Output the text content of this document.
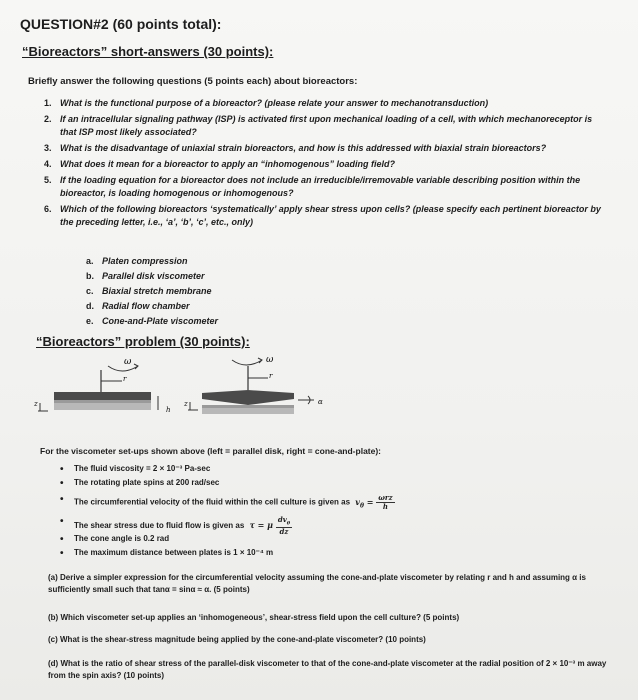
QUESTION#2 (60 points total):
“Bioreactors” short-answers (30 points):
Briefly answer the following questions (5 points each) about bioreactors:
1. What is the functional purpose of a bioreactor? (please relate your answer to mechanotransduction)
2. If an intracellular signaling pathway (ISP) is activated first upon mechanical loading of a cell, with which mechanoreceptor is that ISP most likely associated?
3. What is the disadvantage of uniaxial strain bioreactors, and how is this addressed with biaxial strain bioreactors?
4. What does it mean for a bioreactor to apply an “inhomogenous” loading field?
5. If the loading equation for a bioreactor does not include an irreducible/irremovable variable describing position within the bioreactor, is loading homogenous or inhomogenous?
6. Which of the following bioreactors ‘systematically’ apply shear stress upon cells? (please specify each pertinent bioreactor by the preceding letter, i.e., ‘a’, ‘b’, ‘c’, etc., only)
a. Platen compression
b. Parallel disk viscometer
c. Biaxial stretch membrane
d. Radial flow chamber
e. Cone-and-Plate viscometer
“Bioreactors” problem (30 points):
ω
r
z
h
ω
r
z	α
For the viscometer set-ups shown above (left = parallel disk, right = cone-and-plate):
• The fluid viscosity = 2 × 10⁻³ Pa-sec
• The rotating plate spins at 200 rad/sec
• The circumferential velocity of the fluid within the cell culture is given as $v_\theta = \omega rz$
h
• The shear stress due to fluid flow is given as τ = μ
$dv_\theta$
dz
• The cone angle is 0.2 rad
• The maximum distance between plates is 1 × 10⁻⁴ m
(a) Derive a simpler expression for the circumferential velocity assuming the cone-and-plate viscometer by relating r and h and assuming α is sufficiently small such that tanα = sinα ≈ α. (5 points)
(b) Which viscometer set-up applies an ‘inhomogeneous’, shear-stress field upon the cell culture? (5 points)
(c) What is the shear-stress magnitude being applied by the cone-and-plate viscometer? (10 points)
(d) What is the ratio of shear stress of the parallel-disk viscometer to that of the cone-and-plate viscometer at the radial position of 2 × 10⁻³ m away from the spin axis? (10 points)
